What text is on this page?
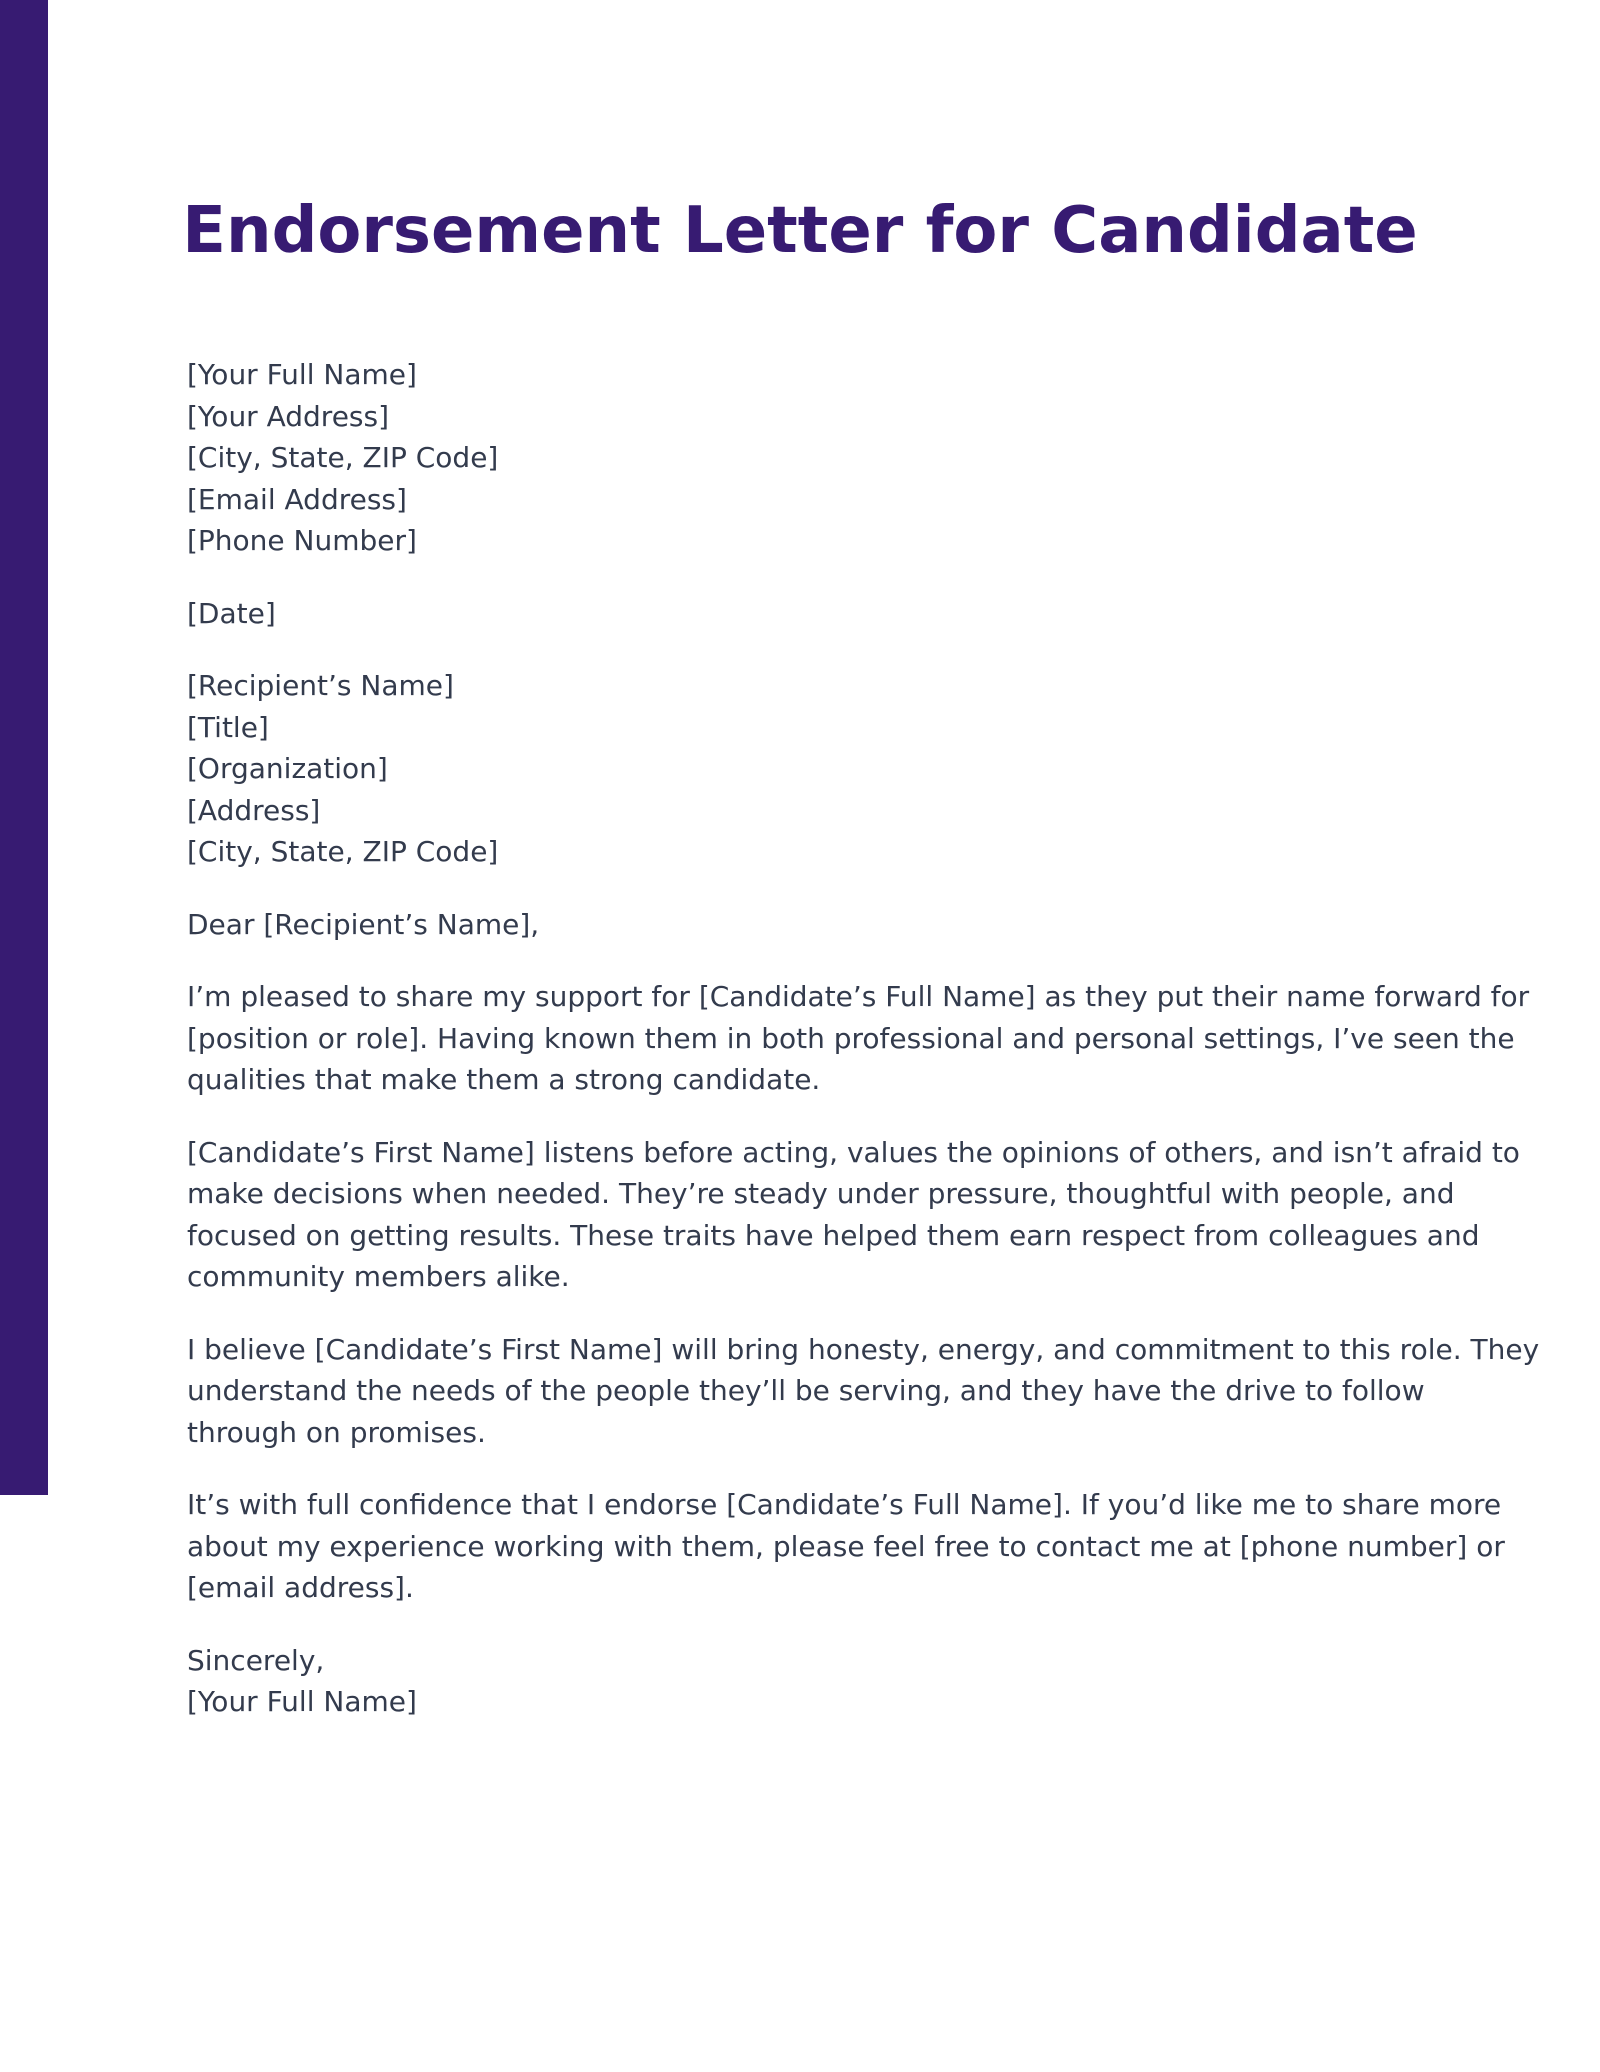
Endorsement Letter for Candidate
[Your Full Name]
[Your Address]
[City, State, ZIP Code]
[Email Address]
[Phone Number]
[Date]
[Recipient’s Name]
[Title]
[Organization]
[Address]
[City, State, ZIP Code]
Dear [Recipient’s Name],
I’m pleased to share my support for [Candidate’s Full Name] as they put their name forward for
[position or role]. Having known them in both professional and personal settings, I’ve seen the
qualities that make them a strong candidate.
[Candidate’s First Name] listens before acting, values the opinions of others, and isn’t afraid to
make decisions when needed. They’re steady under pressure, thoughtful with people, and
focused on getting results. These traits have helped them earn respect from colleagues and
community members alike.
I believe [Candidate’s First Name] will bring honesty, energy, and commitment to this role. They
understand the needs of the people they’ll be serving, and they have the drive to follow
through on promises.
It’s with full confidence that I endorse [Candidate’s Full Name]. If you’d like me to share more
about my experience working with them, please feel free to contact me at [phone number] or
[email address].
Sincerely,
[Your Full Name]
